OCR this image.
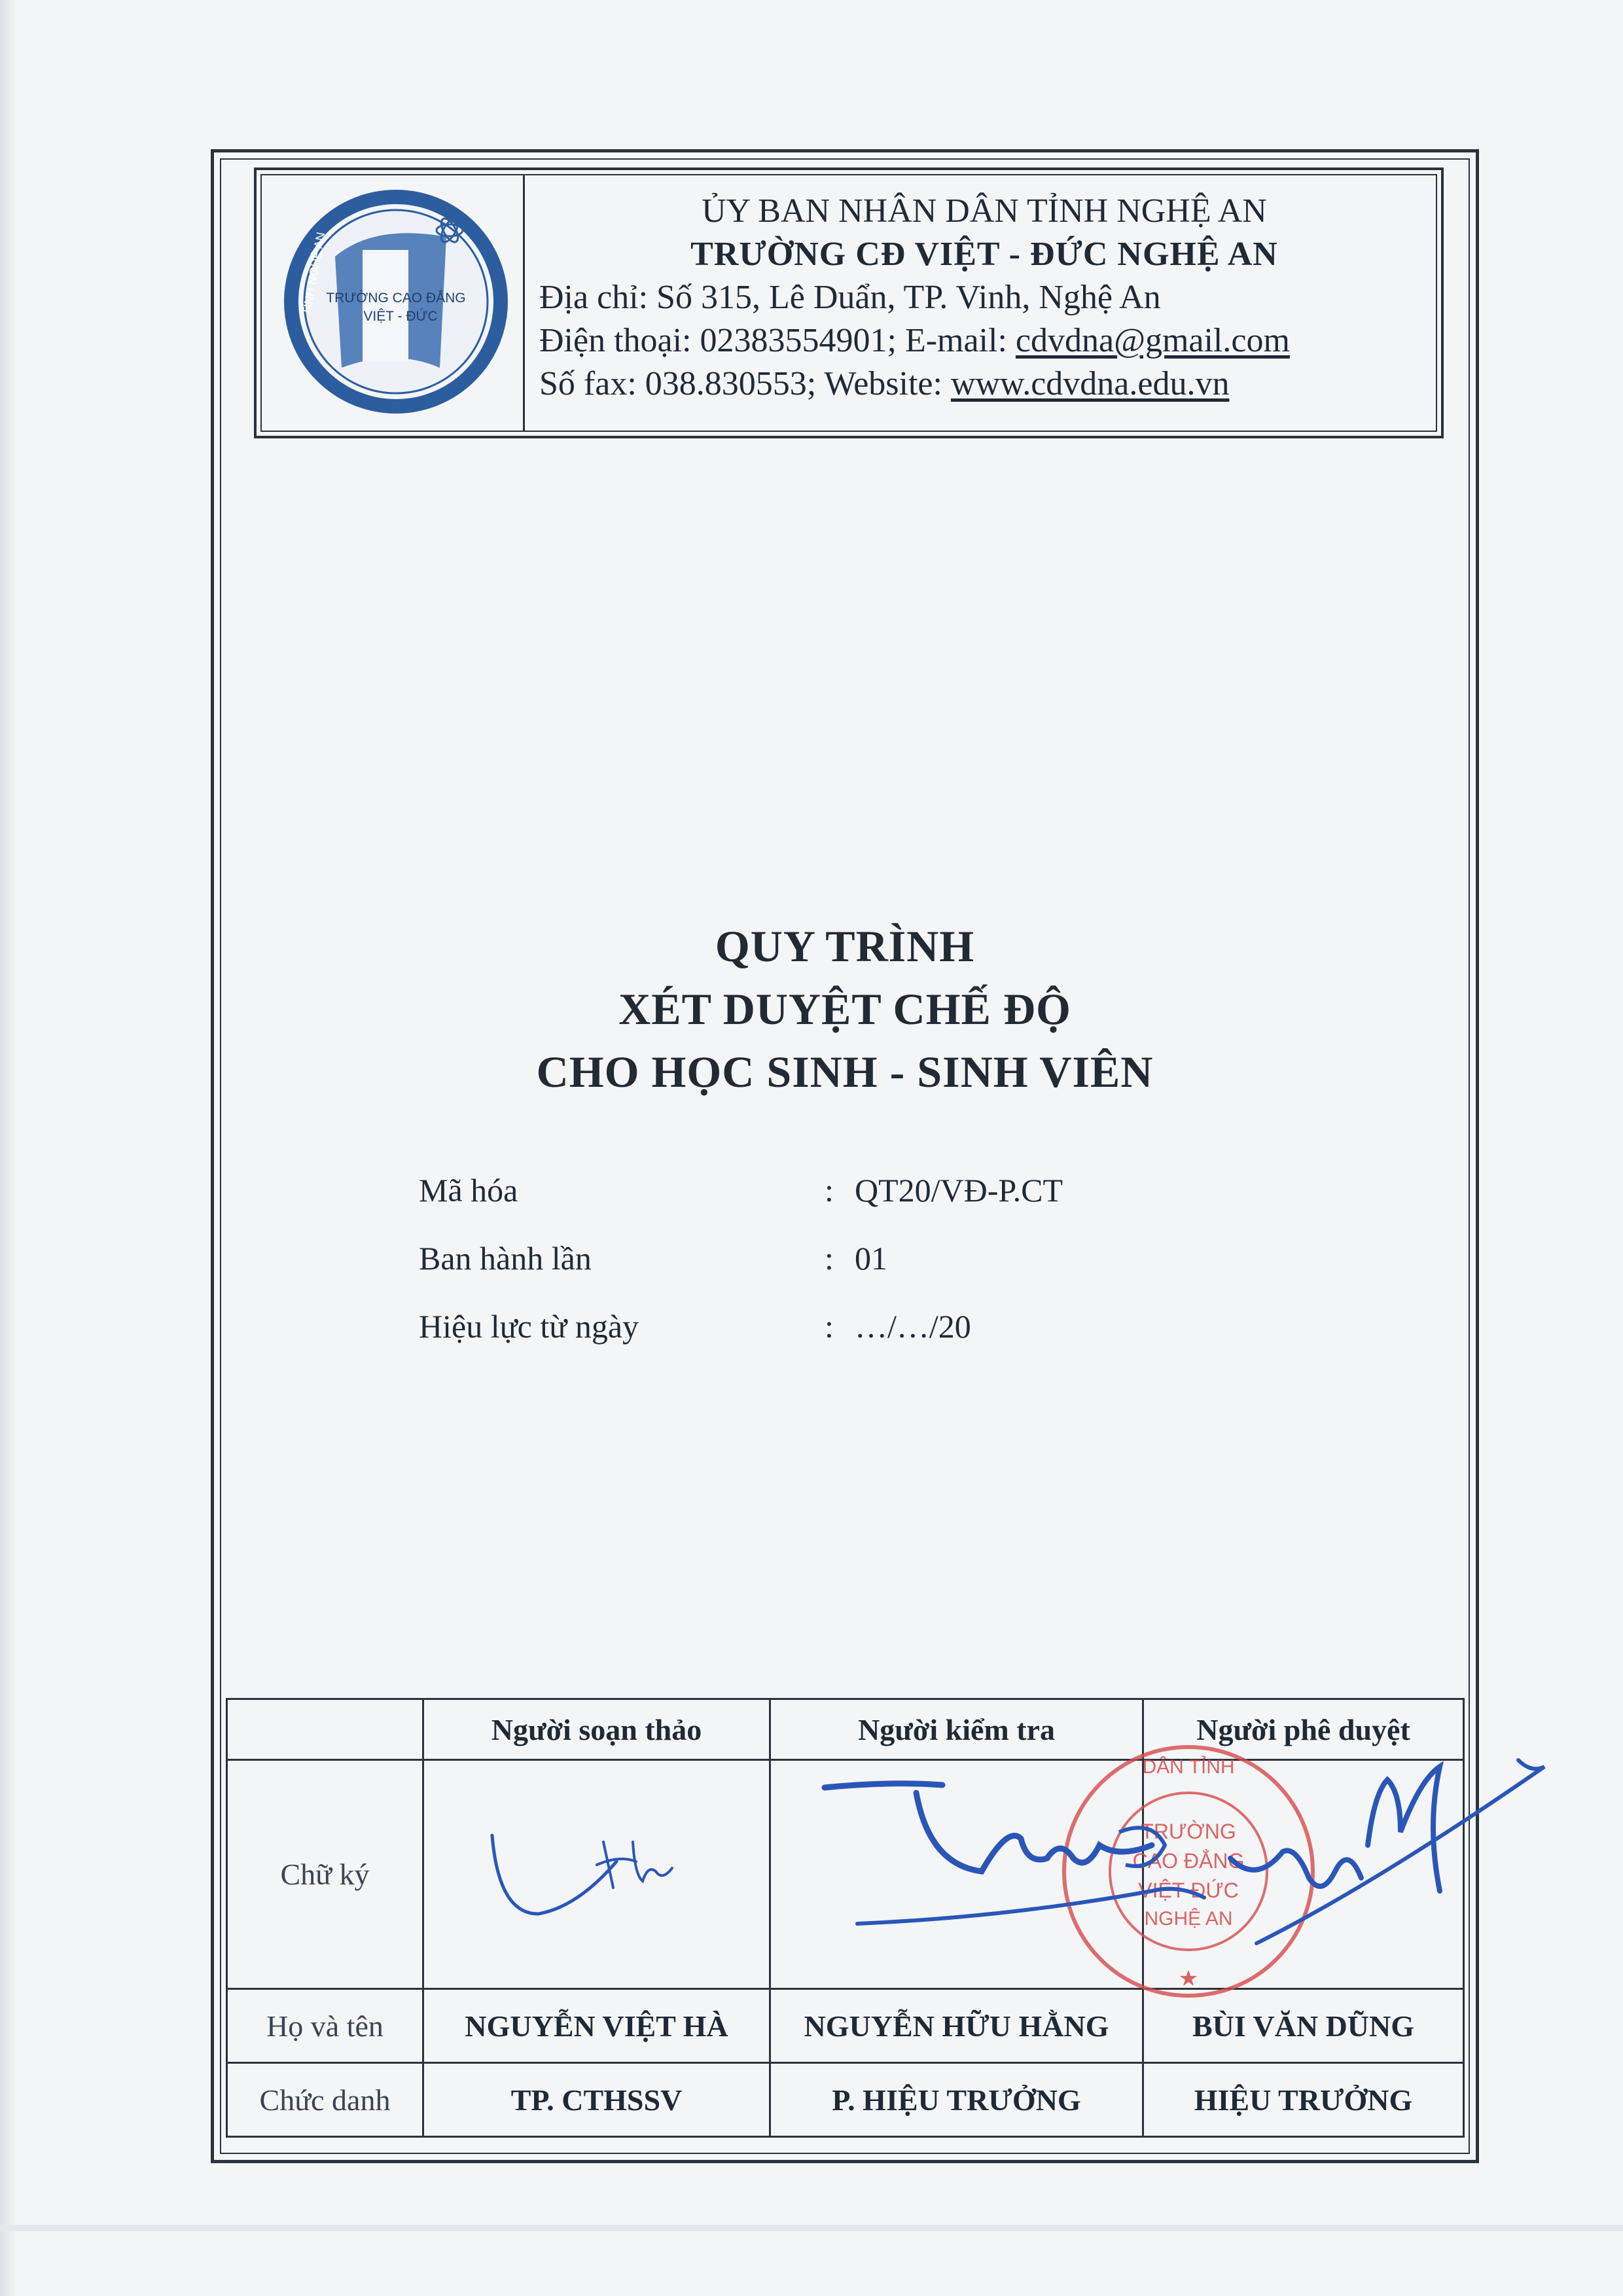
TRƯỜNG CAO ĐẲNG
VIỆT - ĐỨC
TỈNH NGHỆ AN
ỦY BAN NHÂN DÂN TỈNH NGHỆ AN
TRƯỜNG CĐ VIỆT - ĐỨC NGHỆ AN
Địa chỉ: Số 315, Lê Duẩn, TP. Vinh, Nghệ An
Điện thoại: 02383554901; E-mail: cdvdna@gmail.com
Số fax: 038.830553; Website: www.cdvdna.edu.vn
QUY TRÌNH
XÉT DUYỆT CHẾ ĐỘ
CHO HỌC SINH - SINH VIÊN
Mã hóa	: QT20/VĐ-P.CT
Ban hành lần	: 01
Hiệu lực từ ngày	: …/…/20
	Người soạn thảo	Người kiểm tra	Người phê duyệt
Chữ ký	

Họ và tên	NGUYỄN VIỆT HÀ	NGUYỄN HỮU HẰNG	BÙI VĂN DŨNG
Chức danh	TP. CTHSSV	P. HIỆU TRƯỞNG	HIỆU TRƯỞNG
DÂN TỈNH
TRƯỜNG
CAO ĐẲNG
VIỆT-ĐỨC
NGHỆ AN
★
